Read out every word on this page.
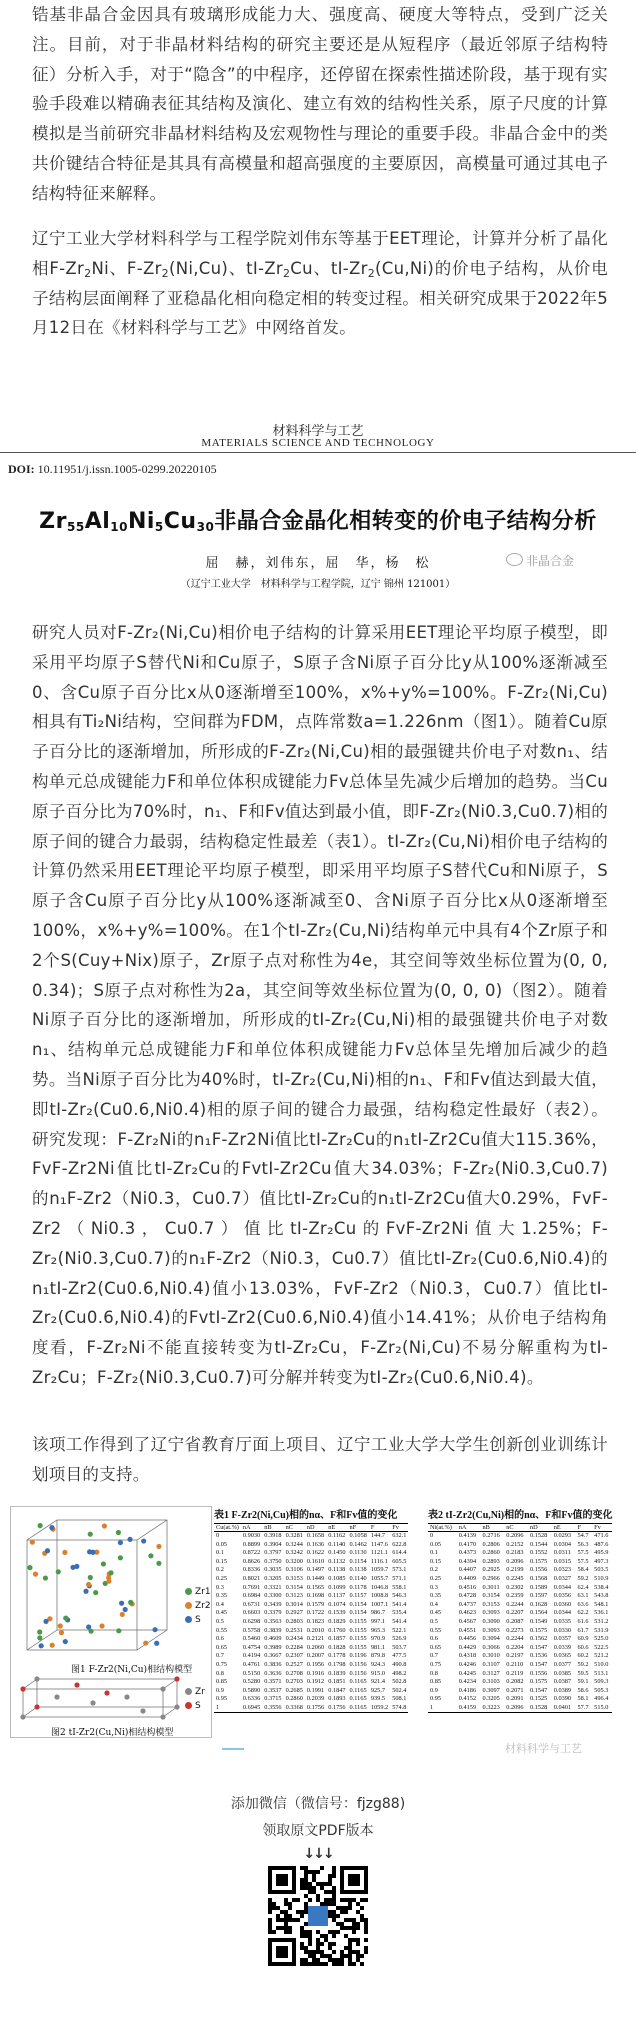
锆基非晶合金因具有玻璃形成能力大、强度高、硬度大等特点，受到广泛关注。目前，对于非晶材料结构的研究主要还是从短程序（最近邻原子结构特征）分析入手，对于“隐含”的中程序，还停留在探索性描述阶段，基于现有实验手段难以精确表征其结构及演化、建立有效的结构性关系，原子尺度的计算模拟是当前研究非晶材料结构及宏观物性与理论的重要手段。非晶合金中的类共价键结合特征是其具有高模量和超高强度的主要原因，高模量可通过其电子结构特征来解释。

辽宁工业大学材料科学与工程学院刘伟东等基于EET理论，计算并分析了晶化相$F-Zr_2Ni$、$F-Zr_2(Ni,Cu)$、$tI-Zr_2Cu$、$tI-Zr_2(Cu,Ni)$的价电子结构，从价电子结构层面阐释了亚稳晶化相向稳定相的转变过程。相关研究成果于2022年5月12日在《材料科学与工艺》中网络首发。

材料科学与工艺
MATERIALS SCIENCE AND TECHNOLOGY
DOI: 10.11951/j.issn.1005-0299.20220105
$Zr_{55}Al_{10}Ni_5Cu_{30}$非晶合金晶化相转变的价电子结构分析
屈　赫，刘伟东，屈　华，杨　松
（辽宁工业大学　材料科学与工程学院，辽宁 锦州 121001）
非晶合金

研究人员对F-Zr₂(Ni,Cu)相价电子结构的计算采用EET理论平均原子模型，即采用平均原子S替代Ni和Cu原子，S原子含Ni原子百分比y从100%逐渐减至0、含Cu原子百分比x从0逐渐增至100%，x%+y%=100%。F-Zr₂(Ni,Cu)相具有Ti₂Ni结构，空间群为FDM，点阵常数a=1.226nm（图1）。随着Cu原子百分比的逐渐增加，所形成的F-Zr₂(Ni,Cu)相的最强键共价电子对数n₁、结构单元总成键能力F和单位体积成键能力Fv总体呈先减少后增加的趋势。当Cu原子百分比为70%时，n₁、F和Fv值达到最小值，即F-Zr₂(Ni0.3,Cu0.7)相的原子间的键合力最弱，结构稳定性最差（表1）。tI-Zr₂(Cu,Ni)相价电子结构的计算仍然采用EET理论平均原子模型，即采用平均原子S替代Cu和Ni原子，S原子含Cu原子百分比y从100%逐渐减至0、含Ni原子百分比x从0逐渐增至100%，x%+y%=100%。在1个tI-Zr₂(Cu,Ni)结构单元中具有4个Zr原子和2个S(Cuy+Nix)原子，Zr原子点对称性为4e，其空间等效坐标位置为(0, 0, 0.34)；S原子点对称性为2a，其空间等效坐标位置为(0, 0, 0)（图2）。随着Ni原子百分比的逐渐增加，所形成的tI-Zr₂(Cu,Ni)相的最强键共价电子对数n₁、结构单元总成键能力F和单位体积成键能力Fv总体呈先增加后减少的趋势。当Ni原子百分比为40%时，tI-Zr₂(Cu,Ni)相的n₁、F和Fv值达到最大值，即tI-Zr₂(Cu0.6,Ni0.4)相的原子间的键合力最强，结构稳定性最好（表2）。研究发现：F-Zr₂Ni的n₁F-Zr2Ni值比tI-Zr₂Cu的n₁tI-Zr2Cu值大115.36%，FvF-Zr2Ni值比tI-Zr₂Cu的FvtI-Zr2Cu值大34.03%；F-Zr₂(Ni0.3,Cu0.7)的n₁F-Zr2（Ni0.3，Cu0.7）值比tI-Zr₂Cu的n₁tI-Zr2Cu值大0.29%，FvF-Zr2（Ni0.3，Cu0.7）值比tI-Zr₂Cu的FvF-Zr2Ni值大1.25%；F-Zr₂(Ni0.3,Cu0.7)的n₁F-Zr2（Ni0.3，Cu0.7）值比tI-Zr₂(Cu0.6,Ni0.4)的n₁tI-Zr2(Cu0.6,Ni0.4)值小13.03%，FvF-Zr2（Ni0.3，Cu0.7）值比tI-Zr₂(Cu0.6,Ni0.4)的FvtI-Zr2(Cu0.6,Ni0.4)值小14.41%；从价电子结构角度看，F-Zr₂Ni不能直接转变为tI-Zr₂Cu，F-Zr₂(Ni,Cu)不易分解重构为tI-Zr₂Cu；F-Zr₂(Ni0.3,Cu0.7)可分解并转变为tI-Zr₂(Cu0.6,Ni0.4)。

该项工作得到了辽宁省教育厅面上项目、辽宁工业大学大学生创新创业训练计划项目的支持。

Zr1
Zr2
S
图1 F-Zr2(Ni,Cu)相结构模型
Zr
S
图2 tI-Zr2(Cu,Ni)相结构模型
表1 F-Zr2(Ni,Cu)相的nα、F和Fv值的变化
Cu(at.%)	nA	nB	nC	nD	nE	nF	F	Fv
0	0.9030	0.3918	0.3281	0.1658	0.1162	0.1058	144.7	632.1
0.05	0.8899	0.3904	0.3244	0.1636	0.1140	0.1462	1147.6	622.8
0.1	0.8722	0.3797	0.3242	0.1622	0.1450	0.1130	1121.1	614.4
0.15	0.8626	0.3750	0.3200	0.1610	0.1132	0.1154	1116.1	605.5
0.2	0.8336	0.3035	0.3106	0.1497	0.1138	0.1138	1059.7	573.1
0.25	0.8021	0.3205	0.3153	0.1449	0.1085	0.1140	1055.7	571.1
0.3	0.7691	0.3321	0.3154	0.1565	0.1099	0.1178	1046.8	558.1
0.35	0.6984	0.3300	0.3123	0.1698	0.1137	0.1157	1008.8	546.3
0.4	0.6731	0.3439	0.3014	0.1579	0.1074	0.1154	1007.1	541.4
0.45	0.6603	0.3379	0.2927	0.1722	0.1539	0.1154	986.7	535.4
0.5	0.6298	0.3563	0.2803	0.1823	0.1829	0.1155	997.1	541.4
0.55	0.5758	0.3839	0.2531	0.2010	0.1760	0.1155	965.3	522.1
0.6	0.5460	0.4609	0.2434	0.2121	0.1857	0.1155	970.9	526.9
0.65	0.4754	0.3989	0.2284	0.2060	0.1828	0.1155	981.1	503.7
0.7	0.4194	0.3667	0.2307	0.2007	0.1778	0.1196	879.8	477.5
0.75	0.4761	0.3836	0.2527	0.1956	0.1798	0.1156	924.3	490.8
0.8	0.5150	0.3636	0.2708	0.1916	0.1839	0.1156	915.0	498.2
0.85	0.5280	0.3571	0.2703	0.1912	0.1851	0.1165	921.4	502.8
0.9	0.5890	0.3537	0.2685	0.1991	0.1847	0.1165	925.7	502.4
0.95	0.6336	0.3715	0.2860	0.2039	0.1893	0.1165	939.5	508.1
1	0.6945	0.3556	0.3368	0.1756	0.1756	0.1165	1059.2	574.8
表2 tI-Zr2(Cu,Ni)相的nα、F和Fv值的变化
Ni(at.%)	nA	nB	nC	nD	nE	F	Fv
0	0.4139	0.2716	0.2096	0.1528	0.0293	54.7	471.6
0.05	0.4170	0.2806	0.2152	0.1544	0.0304	56.3	487.6
0.1	0.4373	0.2860	0.2183	0.1552	0.0311	57.5	495.9
0.15	0.4394	0.2893	0.2096	0.1575	0.0315	57.5	497.3
0.2	0.4407	0.2925	0.2199	0.1556	0.0323	58.4	503.5
0.25	0.4409	0.2966	0.2245	0.1568	0.0327	59.2	510.9
0.3	0.4516	0.3011	0.2302	0.1589	0.0344	62.4	538.4
0.35	0.4728	0.3154	0.2359	0.1597	0.0356	63.1	543.8
0.4	0.4737	0.3153	0.2244	0.1628	0.0360	63.6	548.1
0.45	0.4623	0.3093	0.2207	0.1564	0.0344	62.2	536.1
0.5	0.4567	0.3090	0.2087	0.1549	0.0335	61.6	531.2
0.55	0.4551	0.3093	0.2273	0.1575	0.0330	61.7	531.9
0.6	0.4456	0.3094	0.2244	0.1562	0.0357	60.9	525.0
0.65	0.4429	0.3066	0.2204	0.1547	0.0339	60.6	522.5
0.7	0.4318	0.3010	0.2197	0.1536	0.0365	60.2	521.2
0.75	0.4246	0.3107	0.2110	0.1547	0.0377	59.2	510.0
0.8	0.4245	0.3127	0.2119	0.1556	0.0385	59.5	513.1
0.85	0.4234	0.3103	0.2082	0.1575	0.0387	59.1	509.3
0.9	0.4186	0.3097	0.2071	0.1547	0.0389	58.6	505.3
0.95	0.4152	0.3205	0.2091	0.1525	0.0390	58.1	496.4
1	0.4159	0.3223	0.2096	0.1528	0.0401	57.7	515.0
材料科学与工艺
添加微信（微信号：fjzg88)
领取原文PDF版本
↓↓↓
